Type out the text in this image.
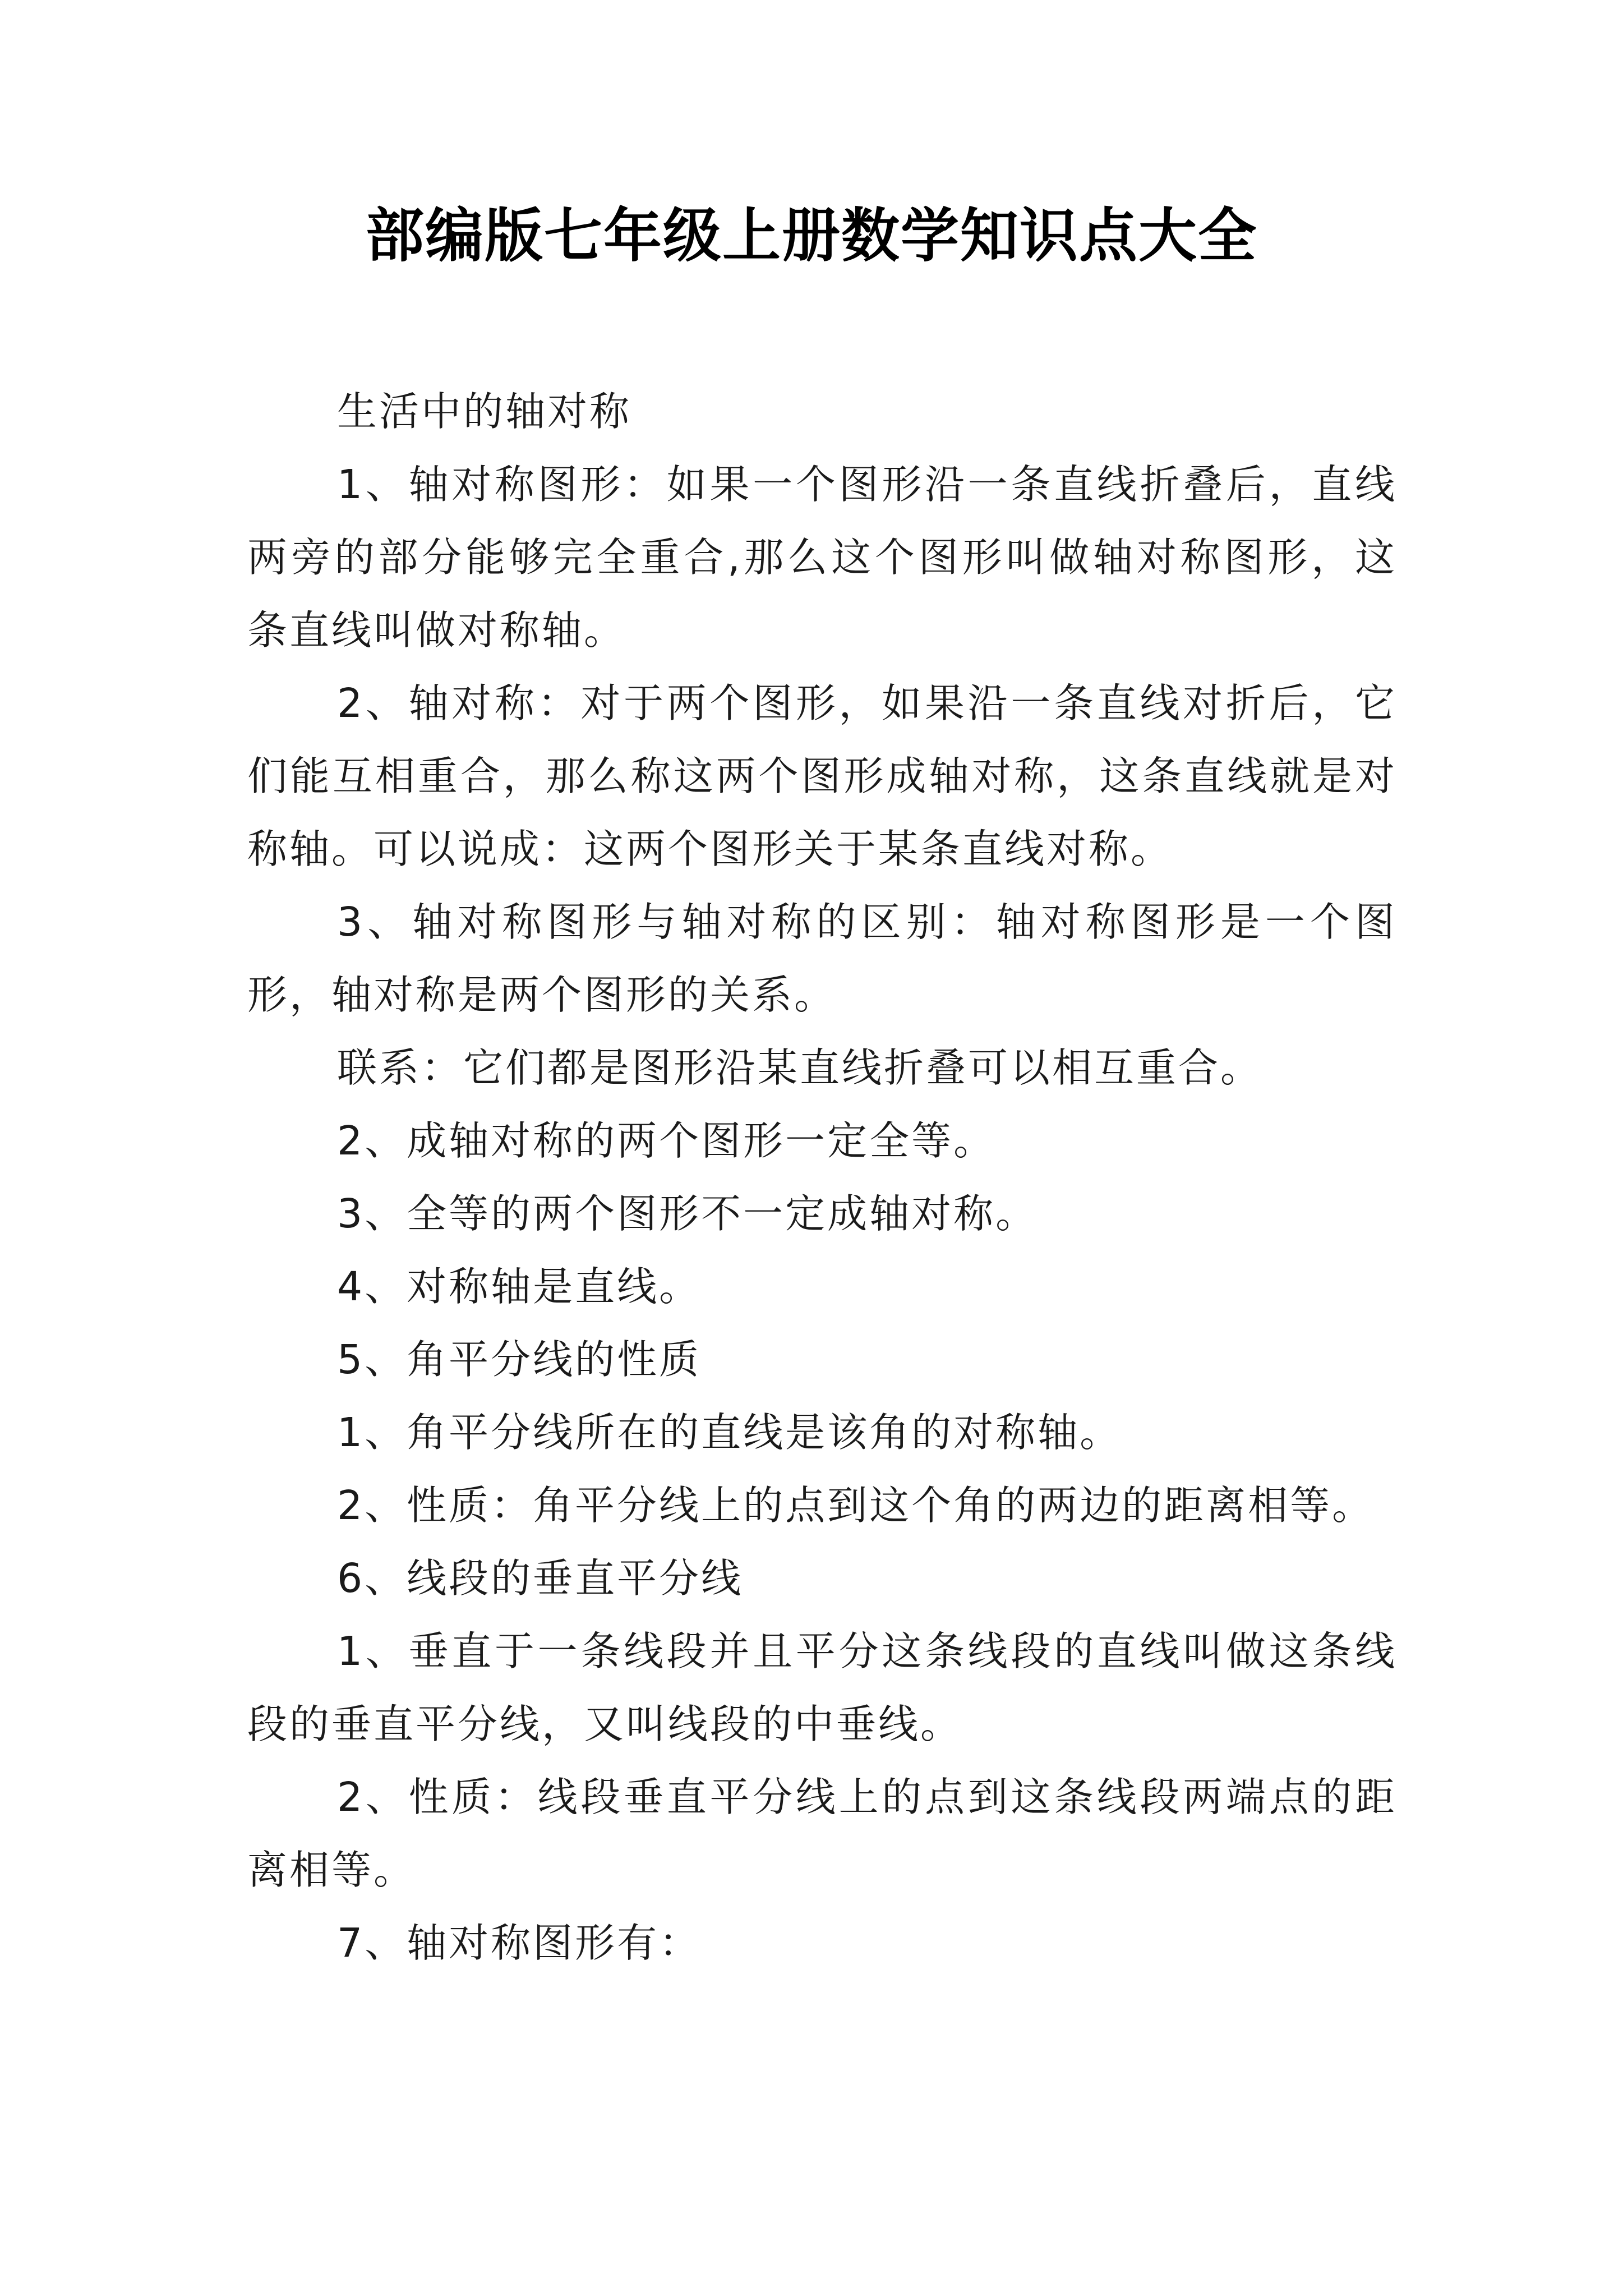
部编版七年级上册数学知识点大全

生活中的轴对称

1、轴对称图形：如果一个图形沿一条直线折叠后，直线两旁的部分能够完全重合,那么这个图形叫做轴对称图形，这条直线叫做对称轴。

2、轴对称：对于两个图形，如果沿一条直线对折后，它们能互相重合，那么称这两个图形成轴对称，这条直线就是对称轴。可以说成：这两个图形关于某条直线对称。

3、轴对称图形与轴对称的区别：轴对称图形是一个图形，轴对称是两个图形的关系。

联系：它们都是图形沿某直线折叠可以相互重合。

2、成轴对称的两个图形一定全等。

3、全等的两个图形不一定成轴对称。

4、对称轴是直线。

5、角平分线的性质

1、角平分线所在的直线是该角的对称轴。

2、性质：角平分线上的点到这个角的两边的距离相等。

6、线段的垂直平分线

1、垂直于一条线段并且平分这条线段的直线叫做这条线段的垂直平分线，又叫线段的中垂线。

2、性质：线段垂直平分线上的点到这条线段两端点的距离相等。

7、轴对称图形有：
